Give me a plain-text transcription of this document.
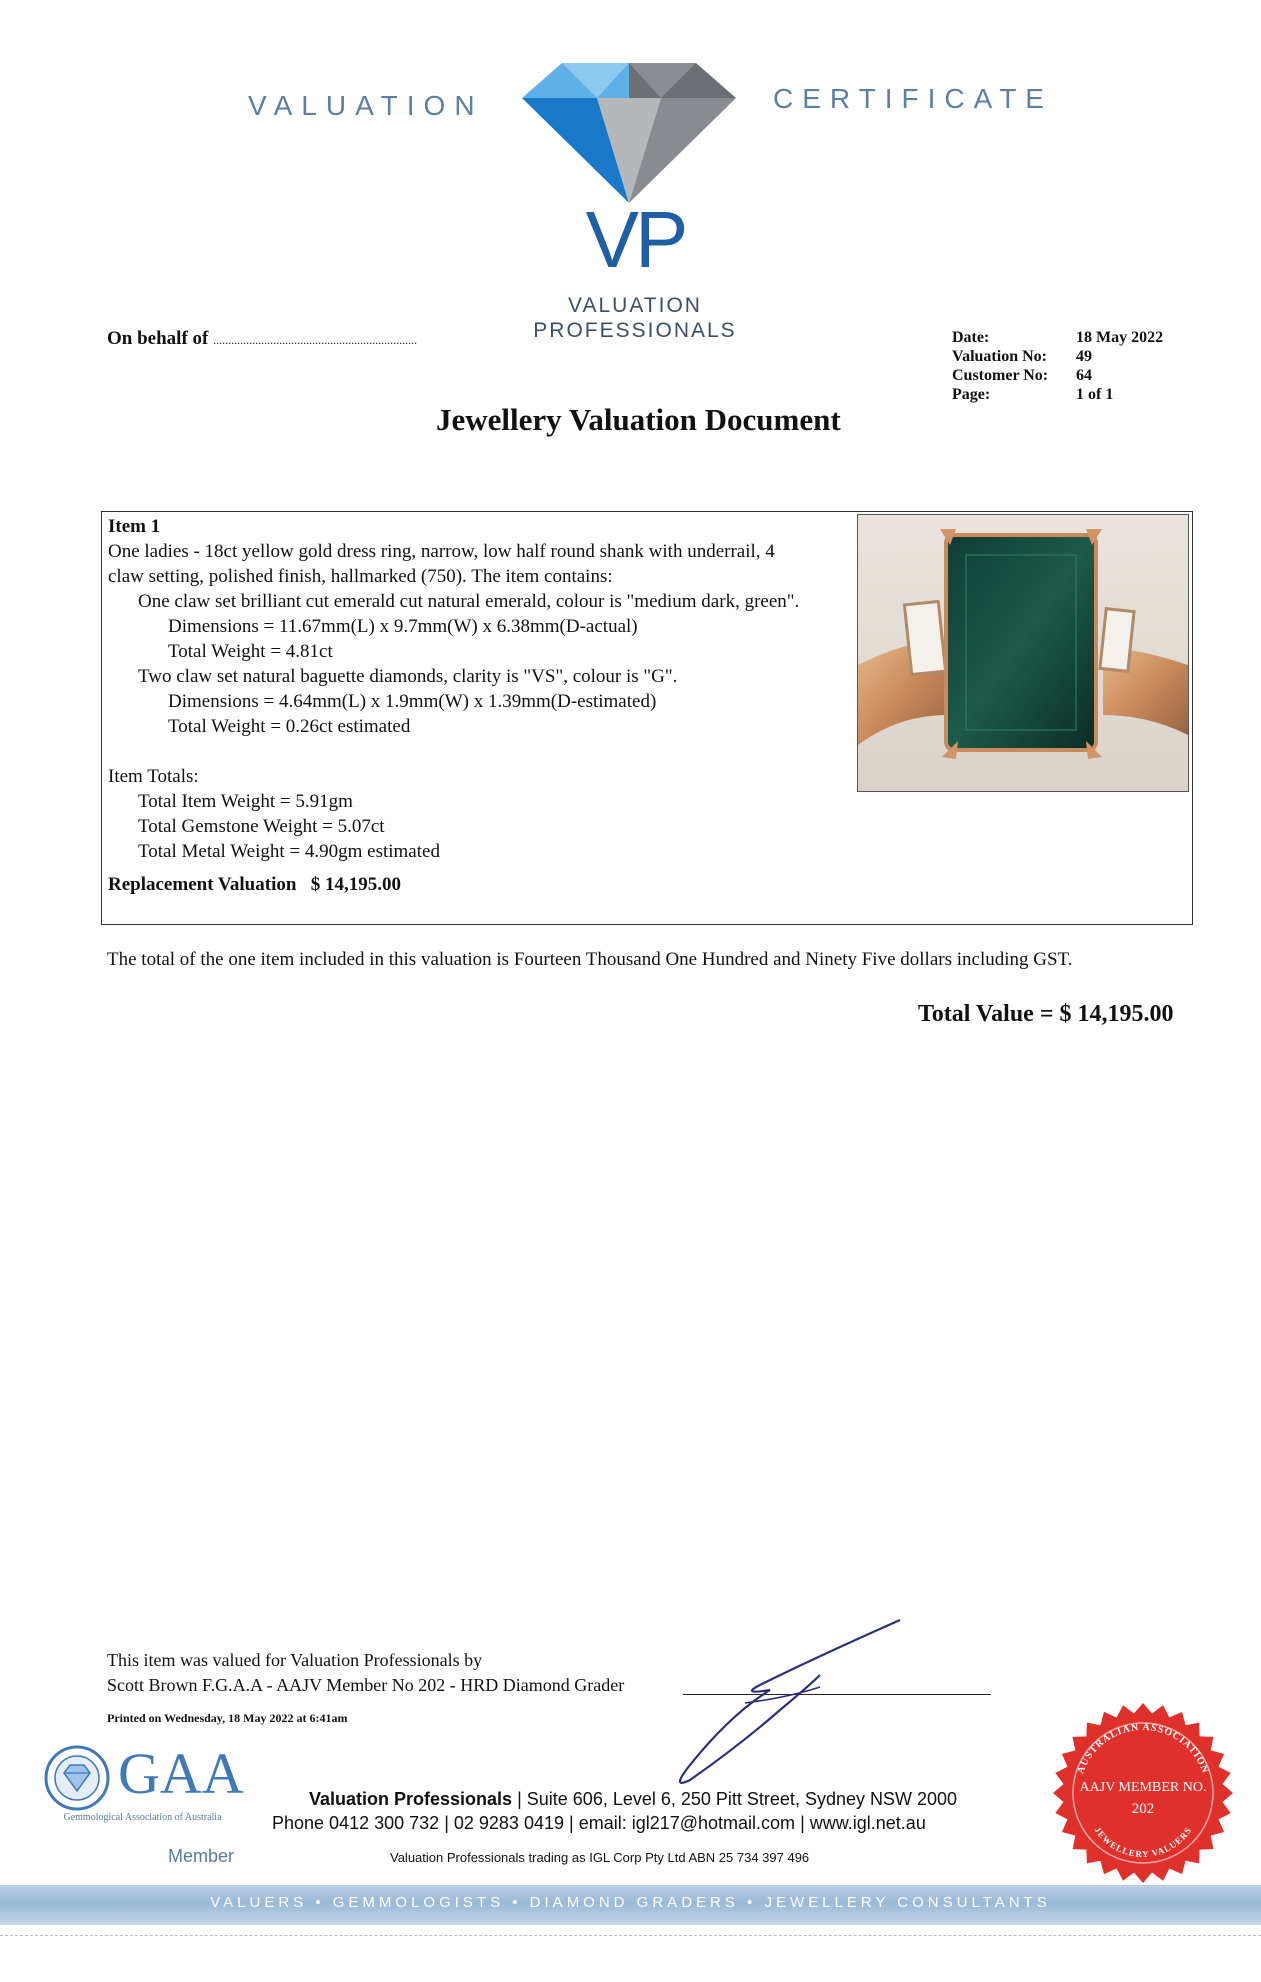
VALUATION	CERTIFICATE
VP
VALUATION
PROFESSIONALS
On behalf of ....................................................................	Date:	18 May 2022
Valuation No:	49
Customer No:	64
Page:	1 of 1
Jewellery Valuation Document
Item 1
One ladies - 18ct yellow gold dress ring, narrow, low half round shank with underrail, 4
claw setting, polished finish, hallmarked (750). The item contains:
One claw set brilliant cut emerald cut natural emerald, colour is "medium dark, green".
Dimensions = 11.67mm(L) x 9.7mm(W) x 6.38mm(D-actual)
Total Weight = 4.81ct
Two claw set natural baguette diamonds, clarity is "VS", colour is "G".
Dimensions = 4.64mm(L) x 1.9mm(W) x 1.39mm(D-estimated)
Total Weight = 0.26ct estimated
Item Totals:
Total Item Weight = 5.91gm
Total Gemstone Weight = 5.07ct
Total Metal Weight = 4.90gm estimated
Replacement Valuation $ 14,195.00
The total of the one item included in this valuation is Fourteen Thousand One Hundred and Ninety Five dollars including GST.
Total Value = $ 14,195.00
This item was valued for Valuation Professionals by
Scott Brown F.G.A.A - AAJV Member No 202 - HRD Diamond Grader
Printed on Wednesday, 18 May 2022 at 6:41am
GAA
Gemmological Association of Australia
Member
Valuation Professionals | Suite 606, Level 6, 250 Pitt Street, Sydney NSW 2000
Phone 0412 300 732 | 02 9283 0419 | email: igl217@hotmail.com | www.igl.net.au
Valuation Professionals trading as IGL Corp Pty Ltd ABN 25 734 397 496
AUSTRALIAN ASSOCIATION
AAJV MEMBER NO.
202
JEWELLERY VALUERS
VALUERS • GEMMOLOGISTS • DIAMOND GRADERS • JEWELLERY CONSULTANTS
